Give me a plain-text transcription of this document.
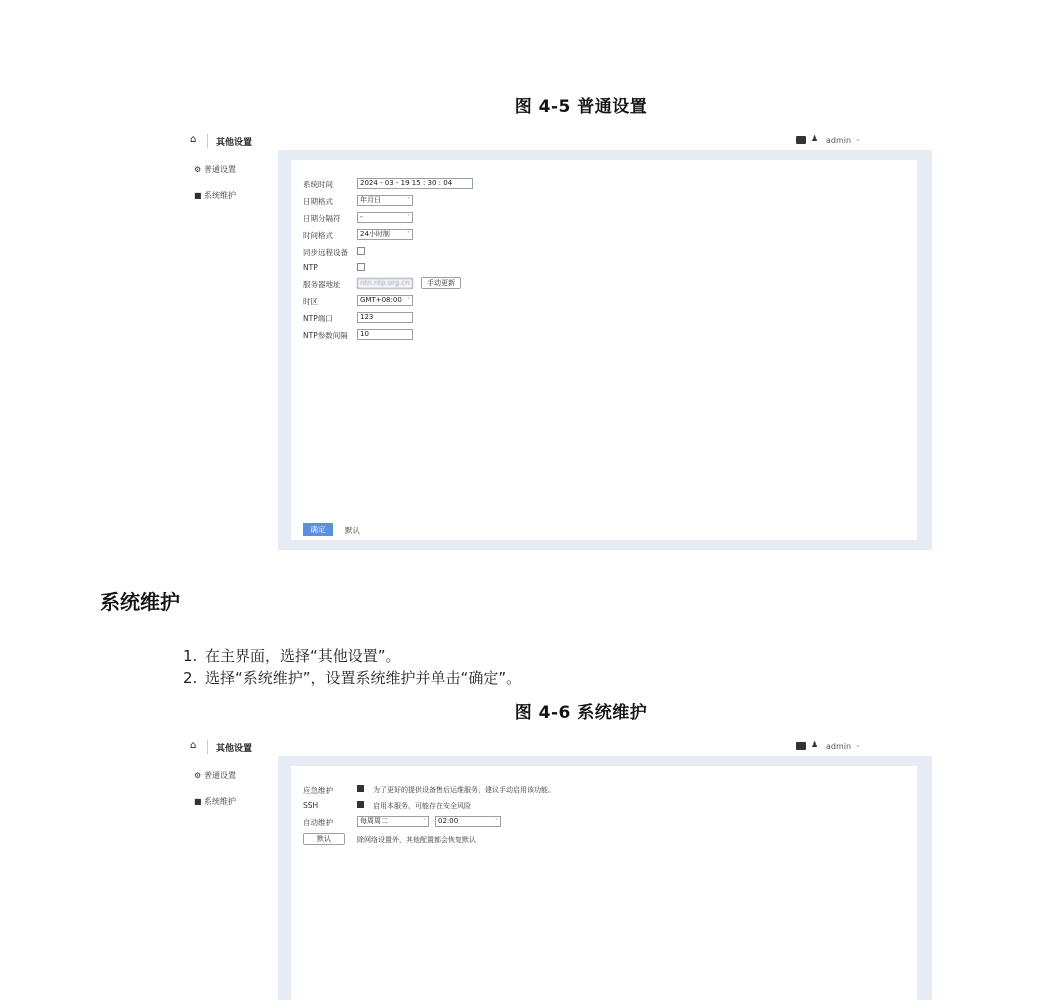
图 4-5 普通设置
⌂ 其他设置	♟ admin ⌄
⚙ 普通设置
■ 系统维护
系统时间	2024 - 03 - 19 15 : 30 : 04
日期格式	年月日	˅
日期分隔符	-	˅
时间格式	24小时制	˅
同步远程设备
NTP
服务器地址	ntn.ntp.org.cn	手动更新
时区	GMT+08:00 ˅
NTP端口	123
NTP参数间隔	10
确定	默认
系统维护
1. 在主界面，选择“其他设置”。
2. 选择“系统维护”，设置系统维护并单击“确定”。
图 4-6 系统维护
⌂ 其他设置	♟ admin ⌄
⚙ 普通设置
■ 系统维护
应急维护	为了更好的提供设备售后运维服务，建议手动启用该功能。
SSH	启用本服务，可能存在安全风险
自动维护	每周周二	˅	02:00	˅
默认	除网络设置外，其他配置都会恢复默认
